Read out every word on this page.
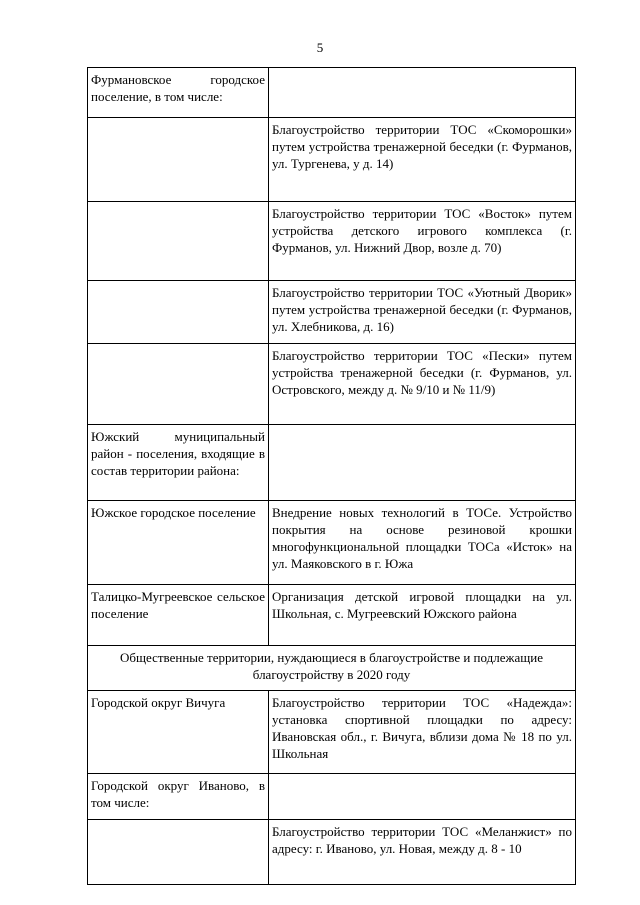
5
Фурмановское городское поселение, в том числе:	
	Благоустройство территории ТОС «Скоморошки» путем устройства тренажерной беседки (г. Фурманов, ул. Тургенева, у д. 14)
	Благоустройство территории ТОС «Восток» путем устройства детского игрового комплекса (г. Фурманов, ул. Нижний Двор, возле д. 70)
	Благоустройство территории ТОС «Уютный Дворик» путем устройства тренажерной беседки (г. Фурманов, ул. Хлебникова, д. 16)
	Благоустройство территории ТОС «Пески» путем устройства тренажерной беседки (г. Фурманов, ул. Островского, между д. № 9/10 и № 11/9)
Южский муниципальный район - поселения, входящие в состав территории района:	
Южское городское поселение	Внедрение новых технологий в ТОСе. Устройство покрытия на основе резиновой крошки многофункциональной площадки ТОСа «Исток» на ул. Маяковского в г. Южа
Талицко-Мугреевское сельское поселение	Организация детской игровой площадки на ул. Школьная, с. Мугреевский Южского района
Общественные территории, нуждающиеся в благоустройстве и подлежащие благоустройству в 2020 году	
Городской округ Вичуга	Благоустройство территории ТОС «Надежда»: установка спортивной площадки по адресу: Ивановская обл., г. Вичуга, вблизи дома № 18 по ул. Школьная
Городской округ Иваново, в том числе:	
	Благоустройство территории ТОС «Меланжист» по адресу: г. Иваново, ул. Новая, между д. 8 - 10
